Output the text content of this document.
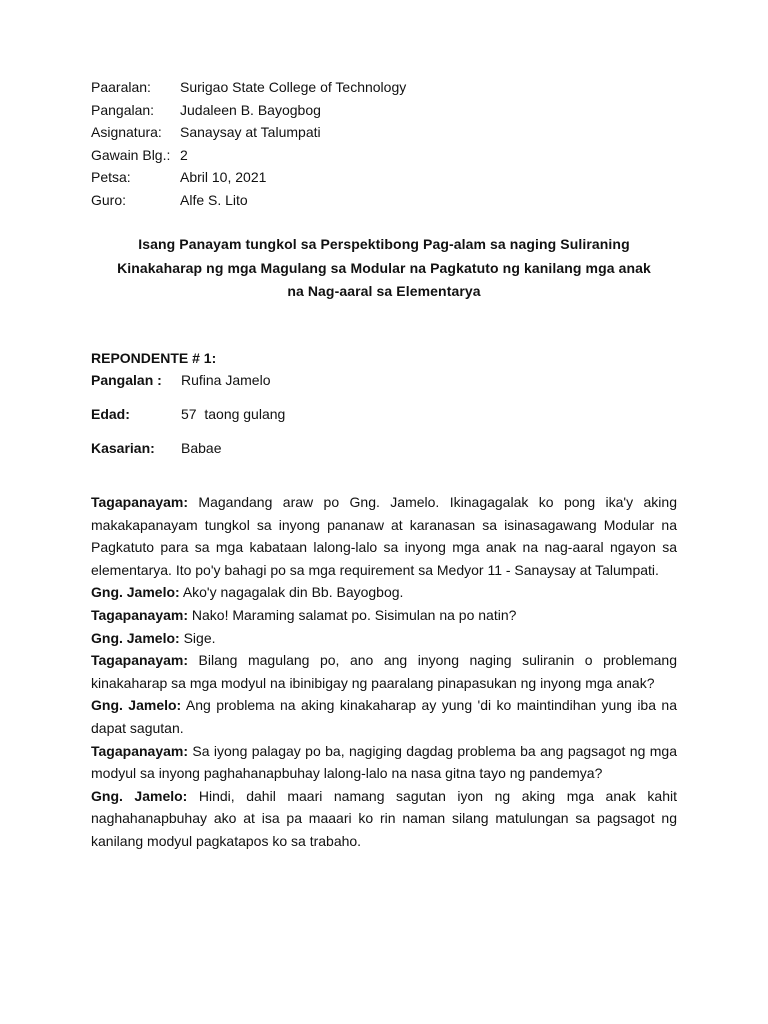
Paaralan: Surigao State College of Technology
Pangalan: Judaleen B. Bayogbog
Asignatura: Sanaysay at Talumpati
Gawain Blg.: 2
Petsa:	Abril 10, 2021
Guro:	Alfe S. Lito
Isang Panayam tungkol sa Perspektibong Pag-alam sa naging Suliraning
Kinakaharap ng mga Magulang sa Modular na Pagkatuto ng kanilang mga anak
na Nag-aaral sa Elementarya
REPONDENTE # 1:
Pangalan : Rufina Jamelo
Edad:	57  taong gulang
Kasarian: Babae

Tagapanayam: Magandang araw po Gng. Jamelo. Ikinagagalak ko pong ika'y aking makakapanayam tungkol sa inyong pananaw at karanasan sa isinasagawang Modular na Pagkatuto para sa mga kabataan lalong-lalo sa inyong mga anak na nag-aaral ngayon sa elementarya. Ito po'y bahagi po sa mga requirement sa Medyor 11 - Sanaysay at Talumpati.

Gng. Jamelo: Ako'y nagagalak din Bb. Bayogbog.

Tagapanayam: Nako! Maraming salamat po. Sisimulan na po natin?

Gng. Jamelo: Sige.

Tagapanayam: Bilang magulang po, ano ang inyong naging suliranin o problemang kinakaharap sa mga modyul na ibinibigay ng paaralang pinapasukan ng inyong mga anak?

Gng. Jamelo: Ang problema na aking kinakaharap ay yung 'di ko maintindihan yung iba na dapat sagutan.

Tagapanayam: Sa iyong palagay po ba, nagiging dagdag problema ba ang pagsagot ng mga modyul sa inyong paghahanapbuhay lalong-lalo na nasa gitna tayo ng pandemya?

Gng. Jamelo: Hindi, dahil maari namang sagutan iyon ng aking mga anak kahit naghahanapbuhay ako at isa pa maaari ko rin naman silang matulungan sa pagsagot ng kanilang modyul pagkatapos ko sa trabaho.
